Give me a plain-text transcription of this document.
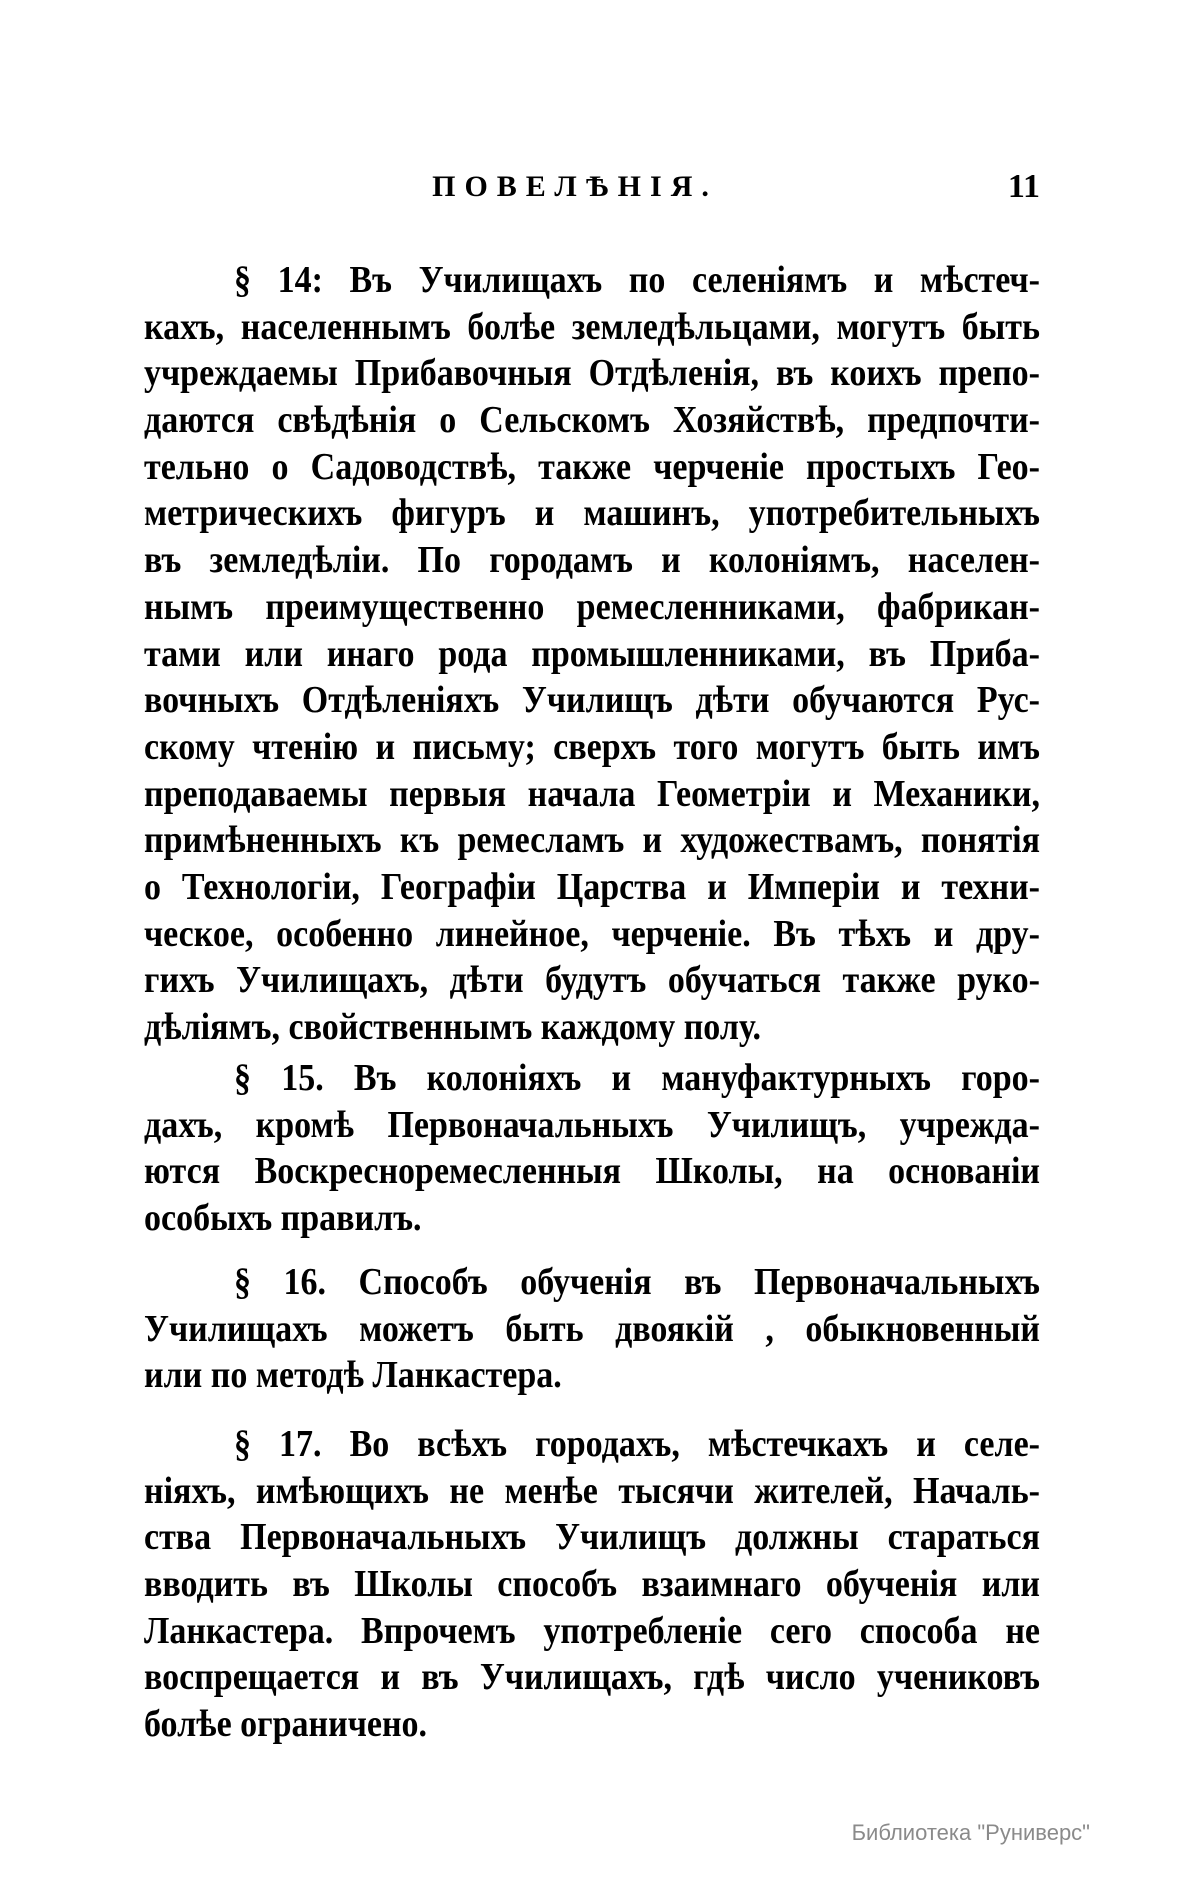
ПОВЕЛѢНІЯ.	11
§ 14: Въ Училищахъ по селеніямъ и мѣстеч-
кахъ, населеннымъ болѣе земледѣльцами, могутъ быть
учреждаемы Прибавочныя Отдѣленія, въ коихъ препо-
даются свѣдѣнія о Сельскомъ Хозяйствѣ, предпочти-
тельно о Садоводствѣ, также черченіе простыхъ Гео-
метрическихъ фигуръ и машинъ, употребительныхъ
въ земледѣліи. По городамъ и колоніямъ, населен-
нымъ преимущественно ремесленниками, фабрикан-
тами или инаго рода промышленниками, въ Приба-
вочныхъ Отдѣленіяхъ Училищъ дѣти обучаются Рус-
скому чтенію и письму; сверхъ того могутъ быть имъ
преподаваемы первыя начала Геометріи и Механики,
примѣненныхъ къ ремесламъ и художествамъ, понятія
о Технологіи, Географіи Царства и Имперіи и техни-
ческое, особенно линейное, черченіе. Въ тѣхъ и дру-
гихъ Училищахъ, дѣти будутъ обучаться также руко-
дѣліямъ, свойственнымъ каждому полу.
§ 15. Въ колоніяхъ и мануфактурныхъ горо-
дахъ, кромѣ Первоначальныхъ Училищъ, учрежда-
ются Воскресноремесленныя Школы, на основаніи
особыхъ правилъ.
§ 16. Способъ обученія въ Первоначальныхъ
Училищахъ можетъ быть двоякій , обыкновенный
или по методѣ Ланкастера.
§ 17. Во всѣхъ городахъ, мѣстечкахъ и селе-
ніяхъ, имѣющихъ не менѣе тысячи жителей, Началь-
ства Первоначальныхъ Училищъ должны стараться
вводить въ Школы способъ взаимнаго обученія или
Ланкастера. Впрочемъ употребленіе сего способа не
воспрещается и въ Училищахъ, гдѣ число учениковъ
болѣе ограничено.
Библиотека "Руниверс"
